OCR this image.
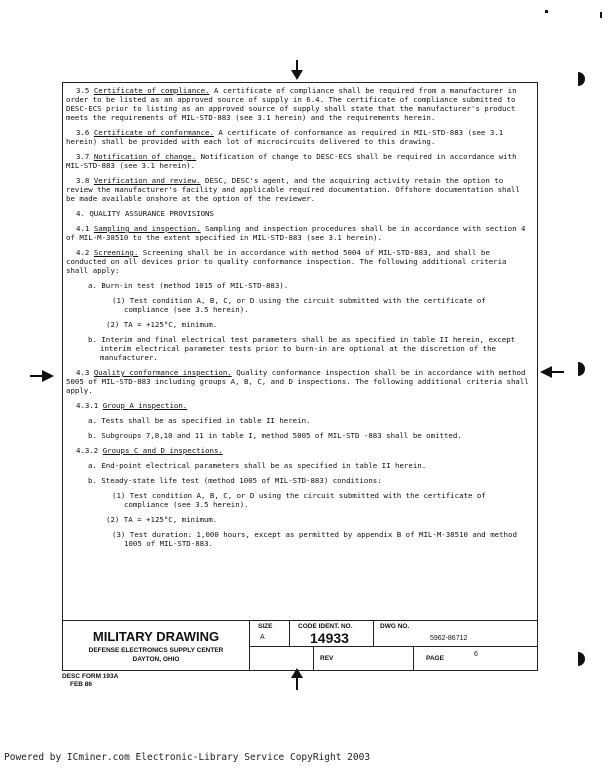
3.5 Certificate of compliance. A certificate of compliance shall be required from a manufacturer in order to be listed as an approved source of supply in 6.4. The certificate of compliance submitted to DESC-ECS prior to listing as an approved source of supply shall state that the manufacturer's product meets the requirements of MIL-STD-883 (see 3.1 herein) and the requirements herein.

3.6 Certificate of conformance. A certificate of conformance as required in MIL-STD-883 (see 3.1 herein) shall be provided with each lot of microcircuits delivered to this drawing.

3.7 Notification of change. Notification of change to DESC-ECS shall be required in accordance with MIL-STD-883 (see 3.1 herein).

3.8 Verification and review. DESC, DESC's agent, and the acquiring activity retain the option to review the manufacturer's facility and applicable required documentation. Offshore documentation shall be made available onshore at the option of the reviewer.

4. QUALITY ASSURANCE PROVISIONS

4.1 Sampling and inspection. Sampling and inspection procedures shall be in accordance with section 4 of MIL-M-38510 to the extent specified in MIL-STD-883 (see 3.1 herein).

4.2 Screening. Screening shall be in accordance with method 5004 of MIL-STD-883, and shall be conducted on all devices prior to quality conformance inspection. The following additional criteria shall apply:

a. Burn-in test (method 1015 of MIL-STD-883).

(1) Test condition A, B, C, or D using the circuit submitted with the certificate of compliance (see 3.5 herein).

(2) TA = +125°C, minimum.

b. Interim and final electrical test parameters shall be as specified in table II herein, except interim electrical parameter tests prior to burn-in are optional at the discretion of the manufacturer.

4.3 Quality conformance inspection. Quality conformance inspection shall be in accordance with method 5005 of MIL-STD-883 including groups A, B, C, and D inspections. The following additional criteria shall apply.

4.3.1 Group A inspection.

a. Tests shall be as specified in table II herein.

b. Subgroups 7,8,10 and 11 in table I, method 5005 of MIL-STD -883 shall be omitted.

4.3.2 Groups C and D inspections.

a. End-point electrical parameters shall be as specified in table II herein.

b. Steady-state life test (method 1005 of MIL-STD-883) conditions:

(1) Test condition A, B, C, or D using the circuit submitted with the certificate of compliance (see 3.5 herein).

(2) TA = +125°C, minimum.

(3) Test duration: 1,000 hours, except as permitted by appendix B of MIL-M-38510 and method 1005 of MIL-STD-883.

MILITARY DRAWING
DEFENSE ELECTRONICS SUPPLY CENTER
DAYTON, OHIO
SIZE
A
CODE IDENT. NO.
14933
DWG NO.
5962-86712
REV	PAGE
6
DESC FORM 193A
FEB 86
Powered by ICminer.com Electronic-Library Service CopyRight 2003
